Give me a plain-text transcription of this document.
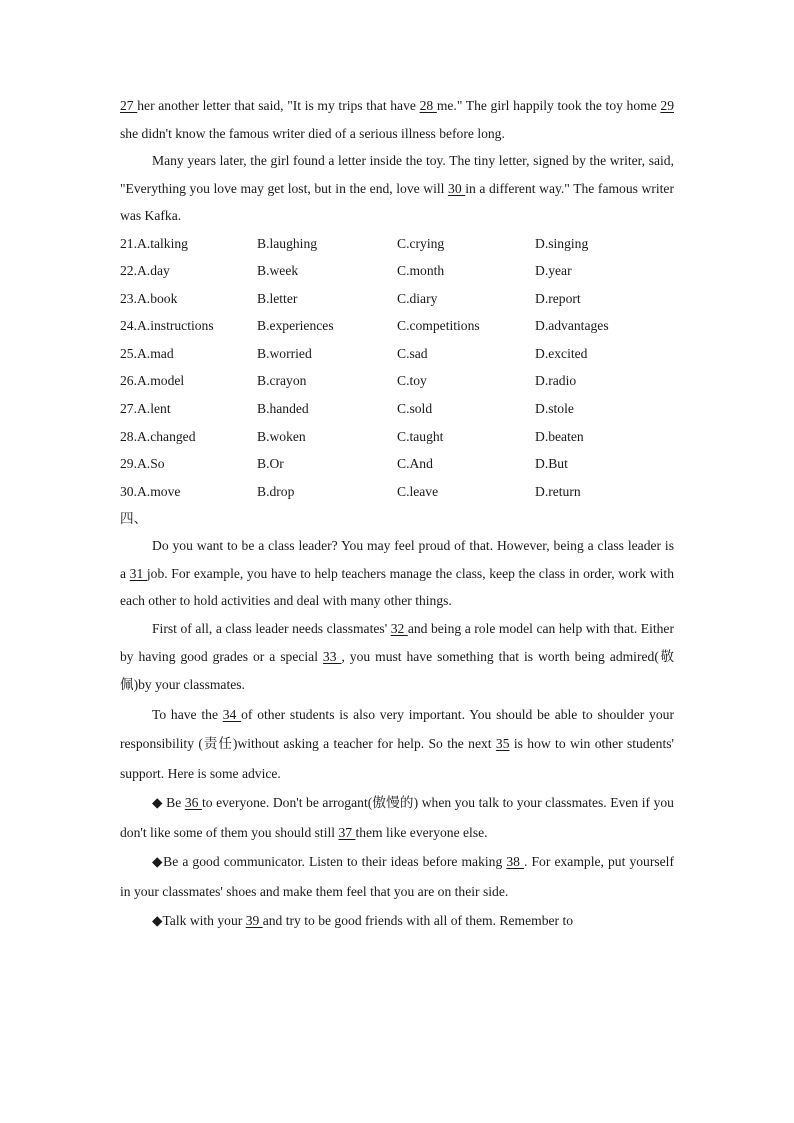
27 her another letter that said, "It is my trips that have 28 me." The girl happily took the toy home 29 she didn't know the famous writer died of a serious illness before long.

Many years later, the girl found a letter inside the toy. The tiny letter, signed by the writer, said, "Everything you love may get lost, but in the end, love will 30 in a different way." The famous writer was Kafka.

21.A.talking	B.laughing	C.crying	D.singing
22.A.day	B.week	C.month	D.year
23.A.book	B.letter	C.diary	D.report
24.A.instructions	B.experiences	C.competitions	D.advantages
25.A.mad	B.worried	C.sad	D.excited
26.A.model	B.crayon	C.toy	D.radio
27.A.lent	B.handed	C.sold	D.stole
28.A.changed	B.woken	C.taught	D.beaten
29.A.So	B.Or	C.And	D.But
30.A.move	B.drop	C.leave	D.return

四、

Do you want to be a class leader? You may feel proud of that. However, being a class leader is a 31 job. For example, you have to help teachers manage the class, keep the class in order, work with each other to hold activities and deal with many other things.

First of all, a class leader needs classmates' 32 and being a role model can help with that. Either by having good grades or a special 33 , you must have something that is worth being admired(敬佩)by your classmates.

To have the 34 of other students is also very important. You should be able to shoulder your responsibility (责任)without asking a teacher for help. So the next 35 is how to win other students' support. Here is some advice.

◆ Be 36 to everyone. Don't be arrogant(傲慢的) when you talk to your classmates. Even if you don't like some of them you should still 37 them like everyone else.

◆Be a good communicator. Listen to their ideas before making 38 . For example, put yourself in your classmates' shoes and make them feel that you are on their side.

◆Talk with your 39 and try to be good friends with all of them. Remember to
